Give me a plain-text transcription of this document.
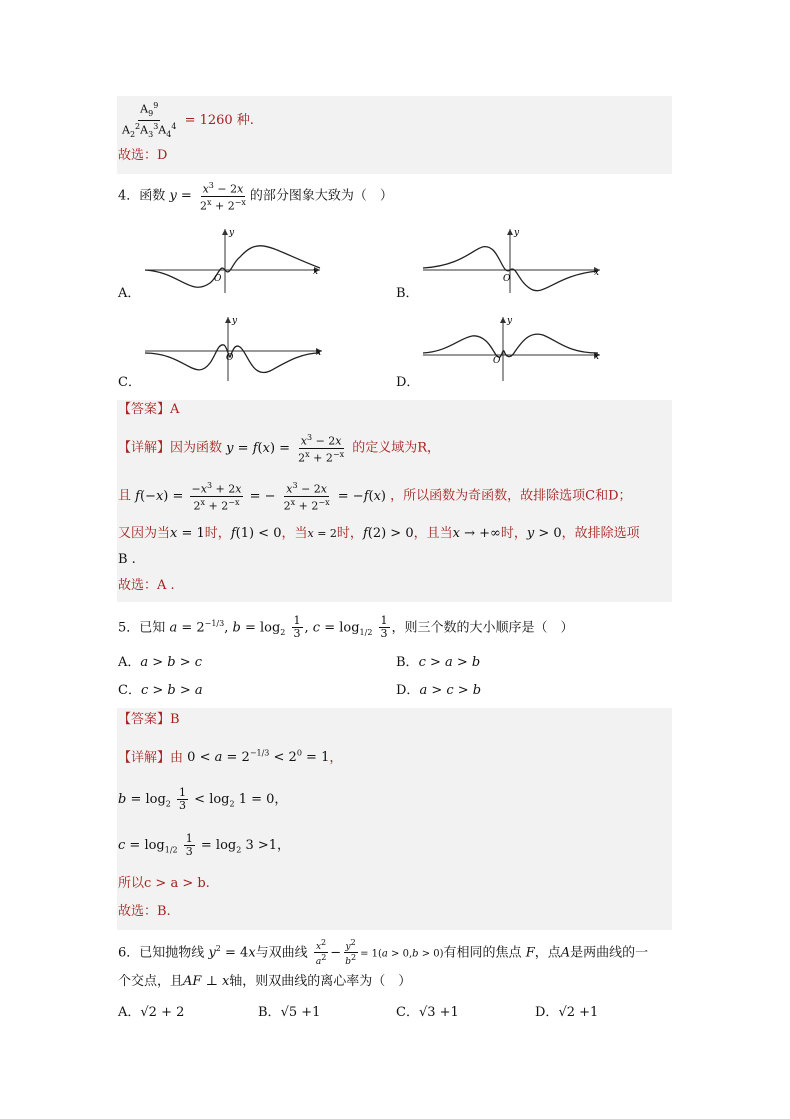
$\frac{A_9^9}{A_2^2A_3^3A_4^4} = 1260$ 种.
故选：D
4．函数 $y = \frac{x^3 - 2x}{2^x + 2^{-x}}$ 的部分图象大致为（　）
x
y
O
A．
x
y
O
B．
x
y
O
C．
x
y
O
D．
【答案】A
【详解】因为函数 $y = f(x) = \frac{x^3 - 2x}{2^x + 2^{-x}}$ 的定义域为R，
且 $f(-x) = \frac{-x^3 + 2x}{2^x + 2^{-x}}$ = − $\frac{x^3 - 2x}{2^x + 2^{-x}} = -f(x)$ ，所以函数为奇函数，故排除选项C和D；
又因为当x = 1时，f(1) < 0，当x = 2时，f(2) > 0，且当x → +∞时，y > 0，故排除选项
B .
故选：A .
5．已知 $a = 2^{-1/3}$, $b = \log_2 \frac{1}{3}$ , $c = \log_{1/2} \frac{1}{3}$ ，则三个数的大小顺序是（　）
A．a > b > c	B．c > a > b
C．c > b > a	D．a > c > b
【答案】B
【详解】由 $0 < a = 2^{-1/3} < 2^0 = 1$，
$b = \log_2 \frac{1}{3} < \log_2 1 = 0$，
$c = \log_{1/2} \frac{1}{3} = \log_2 3 >1$，
所以c > a > b.
故选：B.
6．已知抛物线 $y^2 = 4x$与双曲线 $\frac{x^2}{a^2} - \frac{y^2}{b^2} = 1(a > 0,b > 0)$有相同的焦点 F，点A是两曲线的一
个交点，且AF ⊥ x轴，则双曲线的离心率为（　）
A．√2 + 2	B．√5 +1	C．√3 +1	D．√2 +1
